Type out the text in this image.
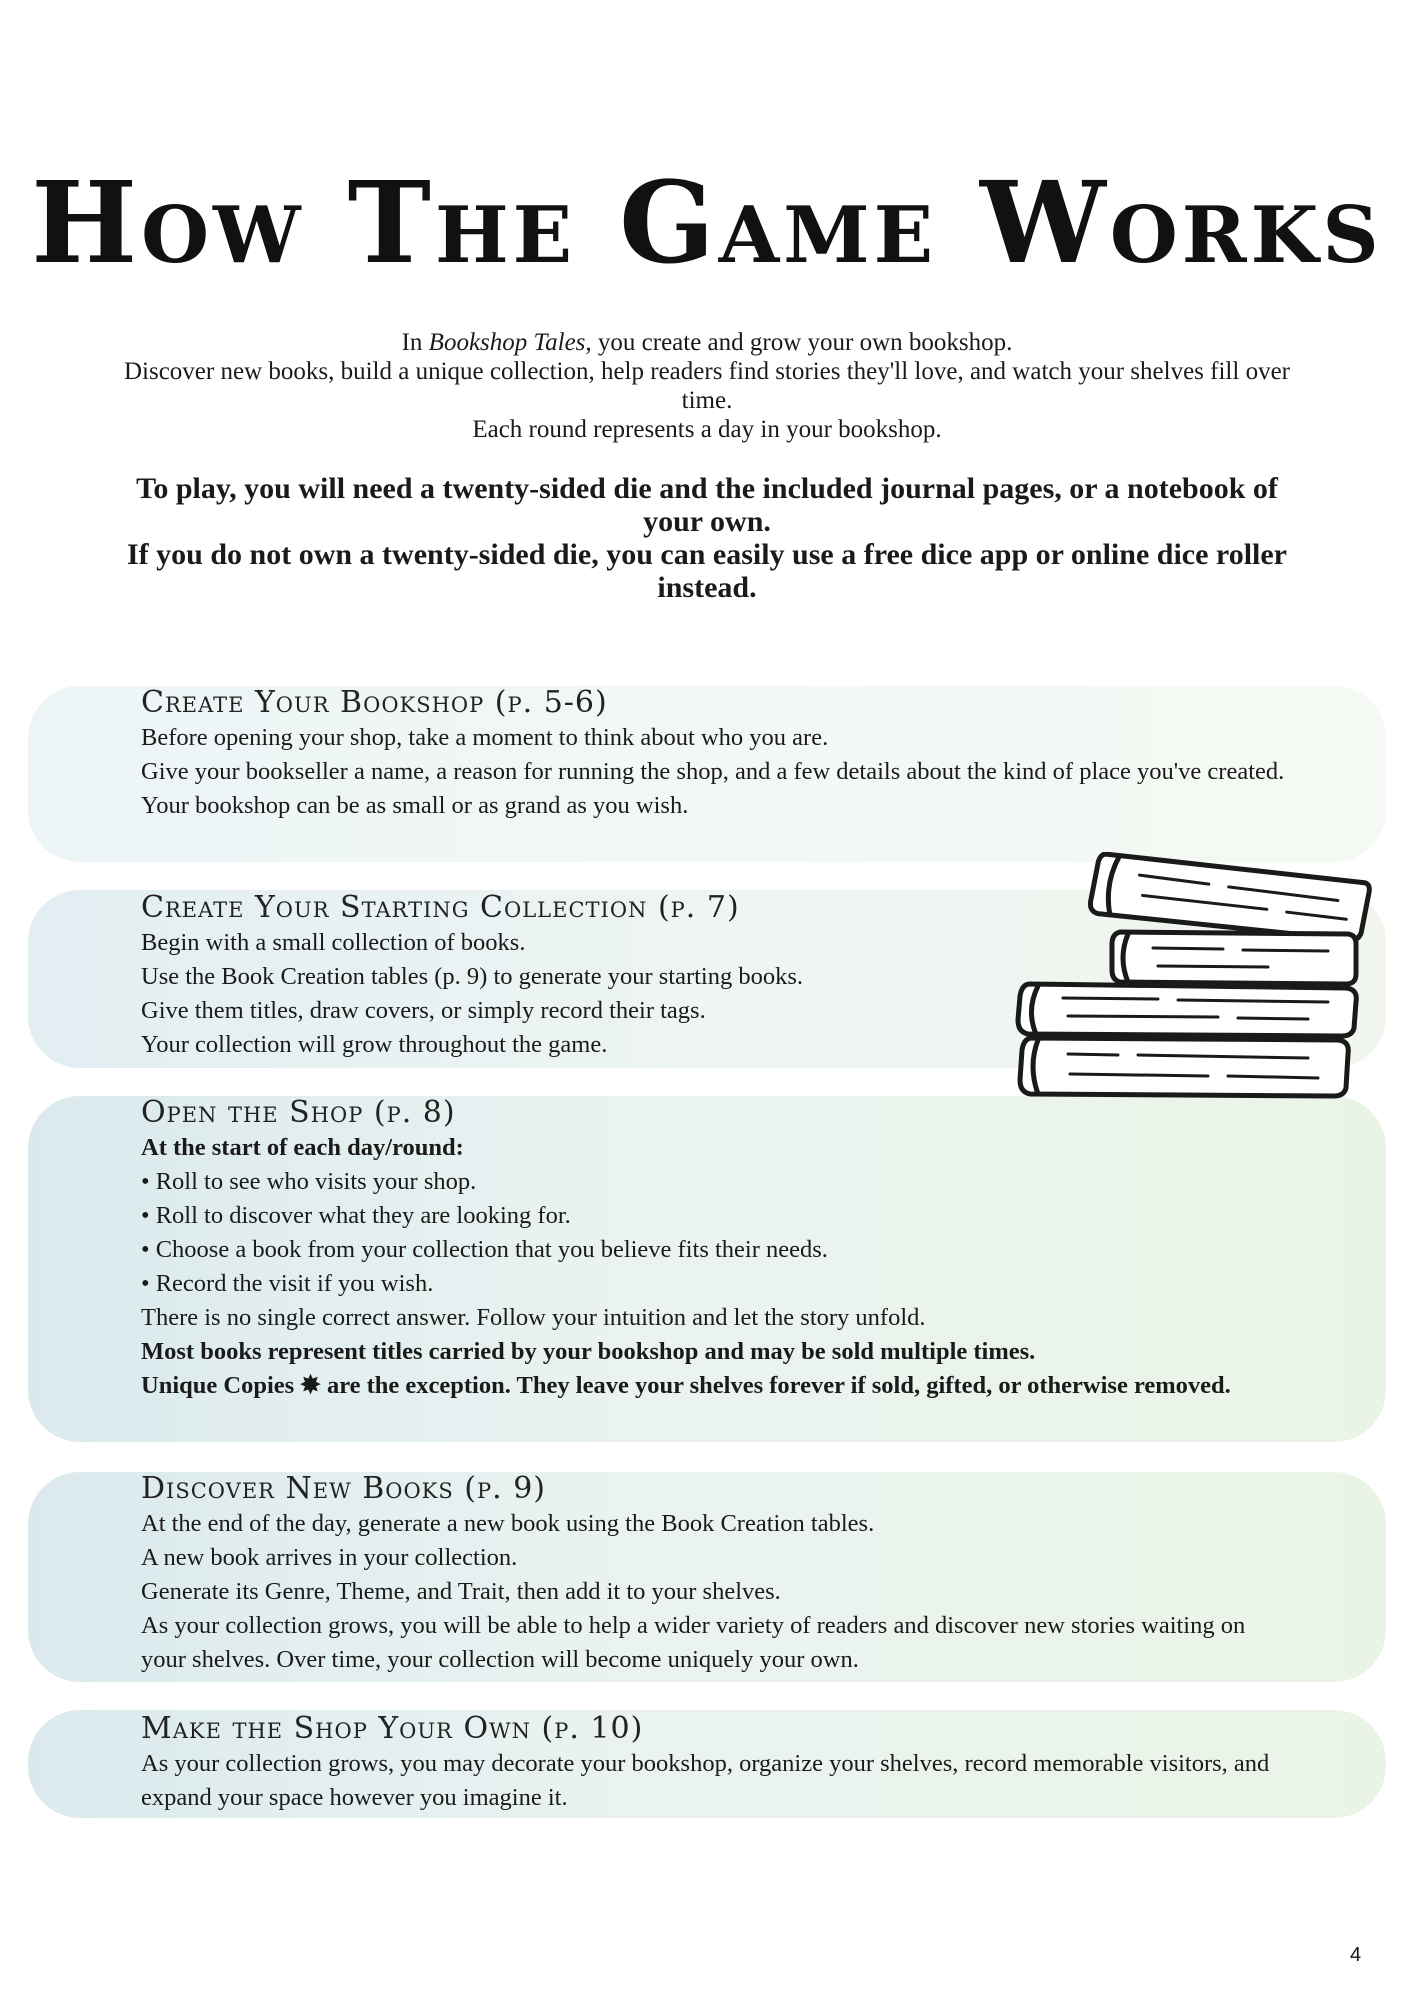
How The Game Works

In Bookshop Tales, you create and grow your own bookshop.

Discover new books, build a unique collection, help readers find stories they'll love, and watch your shelves fill over time.

Each round represents a day in your bookshop.

To play, you will need a twenty-sided die and the included journal pages, or a notebook of your own.

If you do not own a twenty-sided die, you can easily use a free dice app or online dice roller instead.

Create Your Bookshop (p. 5-6)

Before opening your shop, take a moment to think about who you are.

Give your bookseller a name, a reason for running the shop, and a few details about the kind of place you've created.

Your bookshop can be as small or as grand as you wish.

Create Your Starting Collection (p. 7)

Begin with a small collection of books.

Use the Book Creation tables (p. 9) to generate your starting books.

Give them titles, draw covers, or simply record their tags.

Your collection will grow throughout the game.

Open the Shop (p. 8)

At the start of each day/round:

• Roll to see who visits your shop.

• Roll to discover what they are looking for.

• Choose a book from your collection that you believe fits their needs.

• Record the visit if you wish.

There is no single correct answer. Follow your intuition and let the story unfold.

Most books represent titles carried by your bookshop and may be sold multiple times.

Unique Copies ✸ are the exception. They leave your shelves forever if sold, gifted, or otherwise removed.

Discover New Books (p. 9)

At the end of the day, generate a new book using the Book Creation tables.

A new book arrives in your collection.

Generate its Genre, Theme, and Trait, then add it to your shelves.

As your collection grows, you will be able to help a wider variety of readers and discover new stories waiting on your shelves. Over time, your collection will become uniquely your own.

Make the Shop Your Own (p. 10)

As your collection grows, you may decorate your bookshop, organize your shelves, record memorable visitors, and expand your space however you imagine it.

4
